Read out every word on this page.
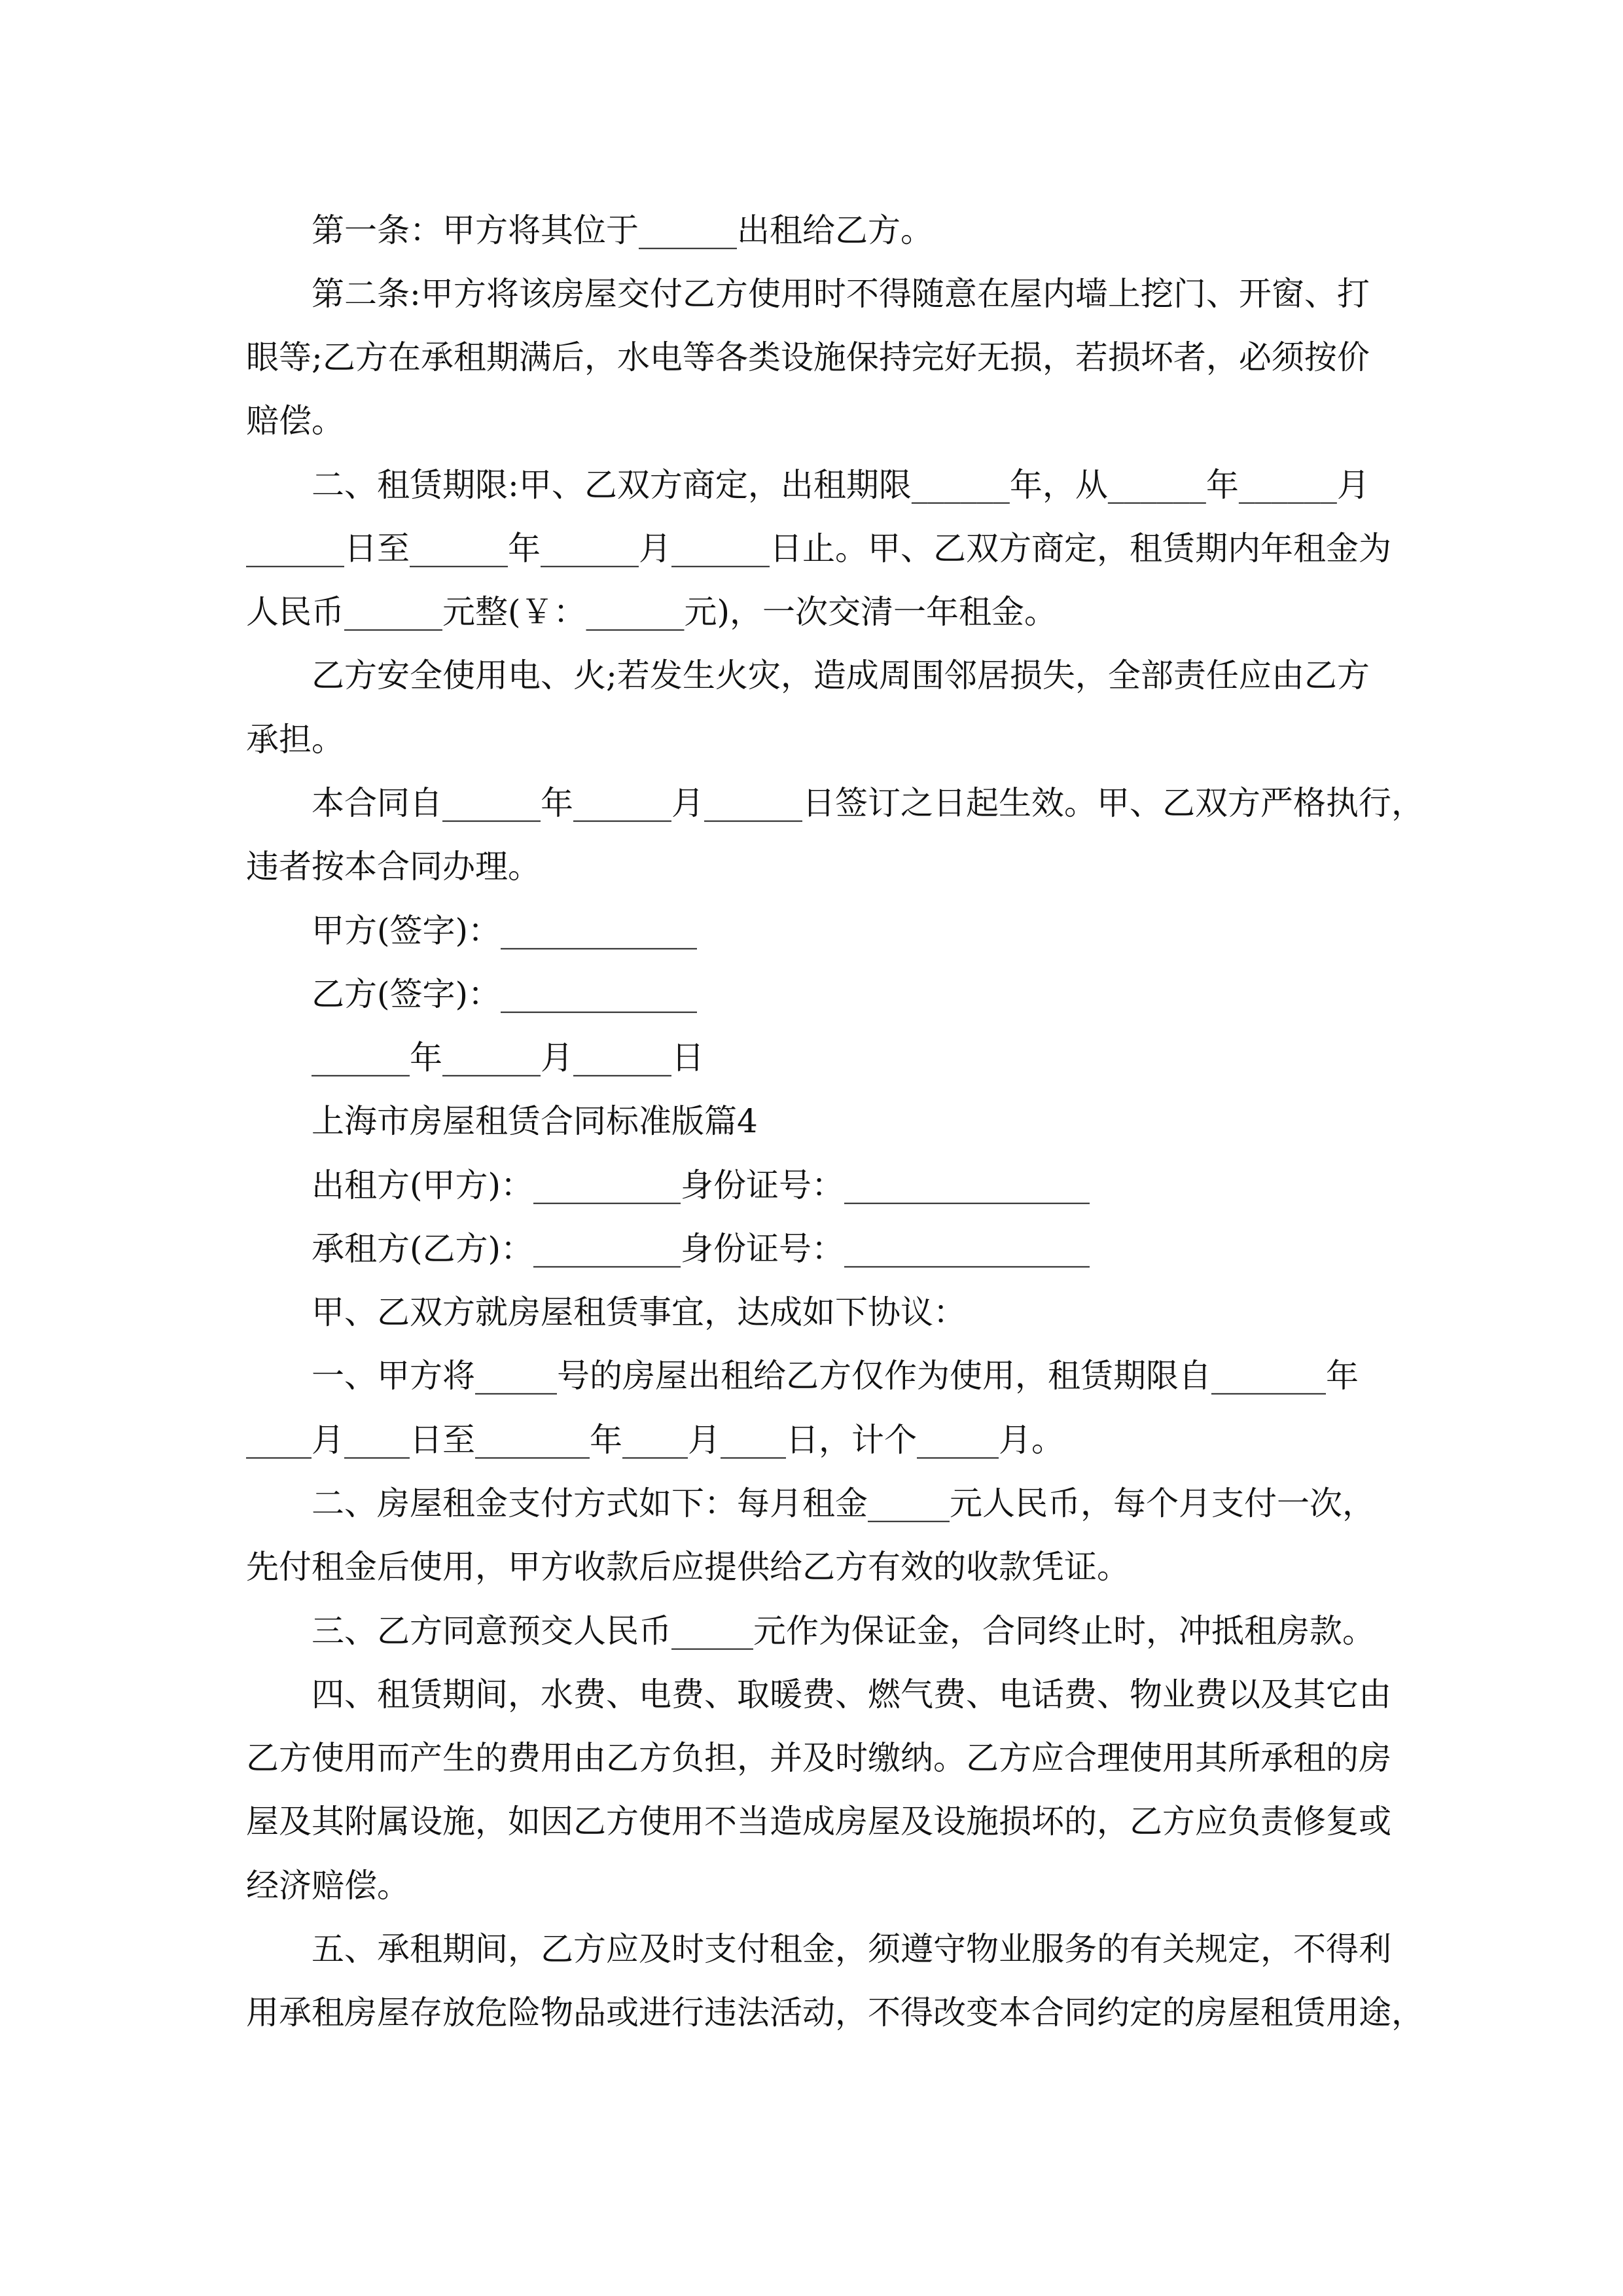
第一条：甲方将其位于______出租给乙方。

第二条:甲方将该房屋交付乙方使用时不得随意在屋内墙上挖门、开窗、打

眼等;乙方在承租期满后，水电等各类设施保持完好无损，若损坏者，必须按价

赔偿。

二、租赁期限:甲、乙双方商定，出租期限______年，从______年______月

______日至______年______月______日止。甲、乙双方商定，租赁期内年租金为

人民币______元整(￥：______元)，一次交清一年租金。

乙方安全使用电、火;若发生火灾，造成周围邻居损失，全部责任应由乙方

承担。

本合同自______年______月______日签订之日起生效。甲、乙双方严格执行，

违者按本合同办理。

甲方(签字)：____________

乙方(签字)：____________

______年______月______日

上海市房屋租赁合同标准版篇4

出租方(甲方)：_________身份证号：_______________

承租方(乙方)：_________身份证号：_______________

甲、乙双方就房屋租赁事宜，达成如下协议：

一、甲方将_____号的房屋出租给乙方仅作为使用，租赁期限自_______年

____月____日至_______年____月____日，计个_____月。

二、房屋租金支付方式如下：每月租金_____元人民币，每个月支付一次，

先付租金后使用，甲方收款后应提供给乙方有效的收款凭证。

三、乙方同意预交人民币_____元作为保证金，合同终止时，冲抵租房款。

四、租赁期间，水费、电费、取暖费、燃气费、电话费、物业费以及其它由

乙方使用而产生的费用由乙方负担，并及时缴纳。乙方应合理使用其所承租的房

屋及其附属设施，如因乙方使用不当造成房屋及设施损坏的，乙方应负责修复或

经济赔偿。

五、承租期间，乙方应及时支付租金，须遵守物业服务的有关规定，不得利

用承租房屋存放危险物品或进行违法活动，不得改变本合同约定的房屋租赁用途，
